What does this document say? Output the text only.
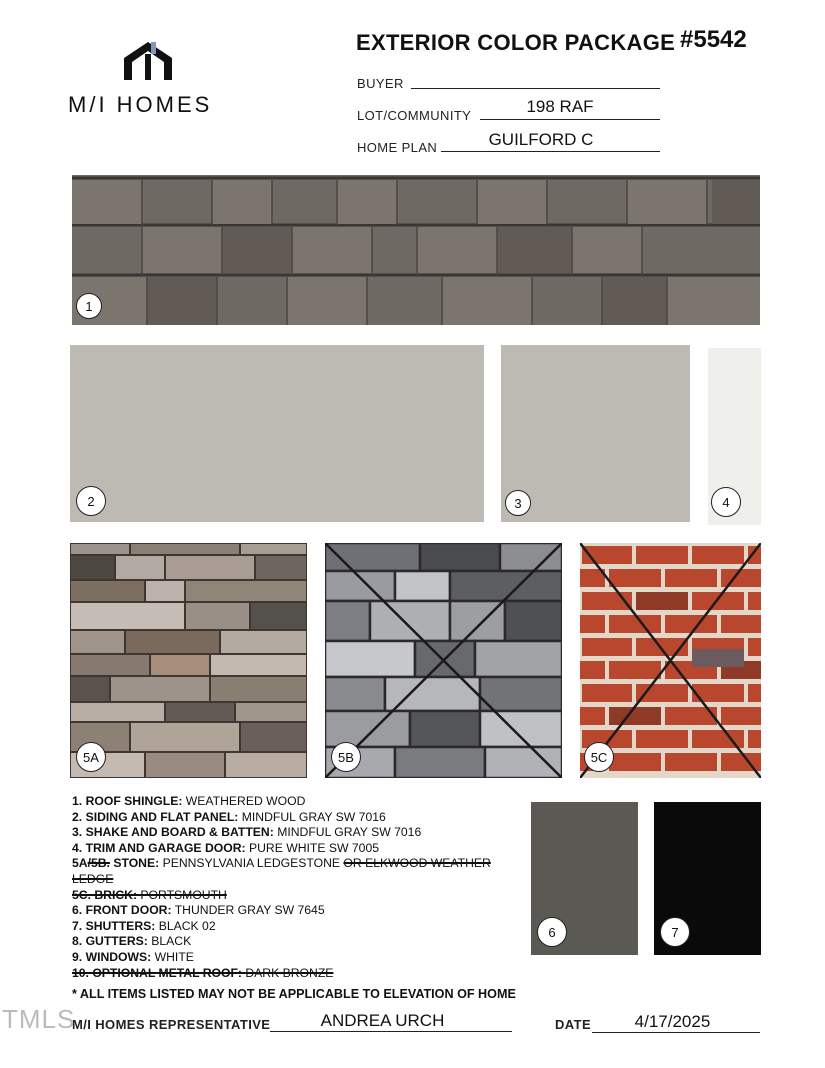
M/I HOMES
EXTERIOR COLOR PACKAGE #5542
BUYER
LOT/COMMUNITY	198 RAF
HOME PLAN	GUILFORD C
1
2	3	4
5A	5B	5C
1. ROOF SHINGLE: WEATHERED WOOD
2. SIDING AND FLAT PANEL: MINDFUL GRAY SW 7016
3. SHAKE AND BOARD & BATTEN: MINDFUL GRAY SW 7016
4. TRIM AND GARAGE DOOR: PURE WHITE SW 7005
5A/5B. STONE: PENNSYLVANIA LEDGESTONE OR ELKWOOD WEATHER
LEDGE
5C. BRICK: PORTSMOUTH
6. FRONT DOOR: THUNDER GRAY SW 7645
7. SHUTTERS: BLACK 02
8. GUTTERS: BLACK
9. WINDOWS: WHITE
10. OPTIONAL METAL ROOF: DARK BRONZE
6	7
* ALL ITEMS LISTED MAY NOT BE APPLICABLE TO ELEVATION OF HOME
M/I HOMES REPRESENTATIVE	ANDREA URCH	DATE	4/17/2025
TMLS
